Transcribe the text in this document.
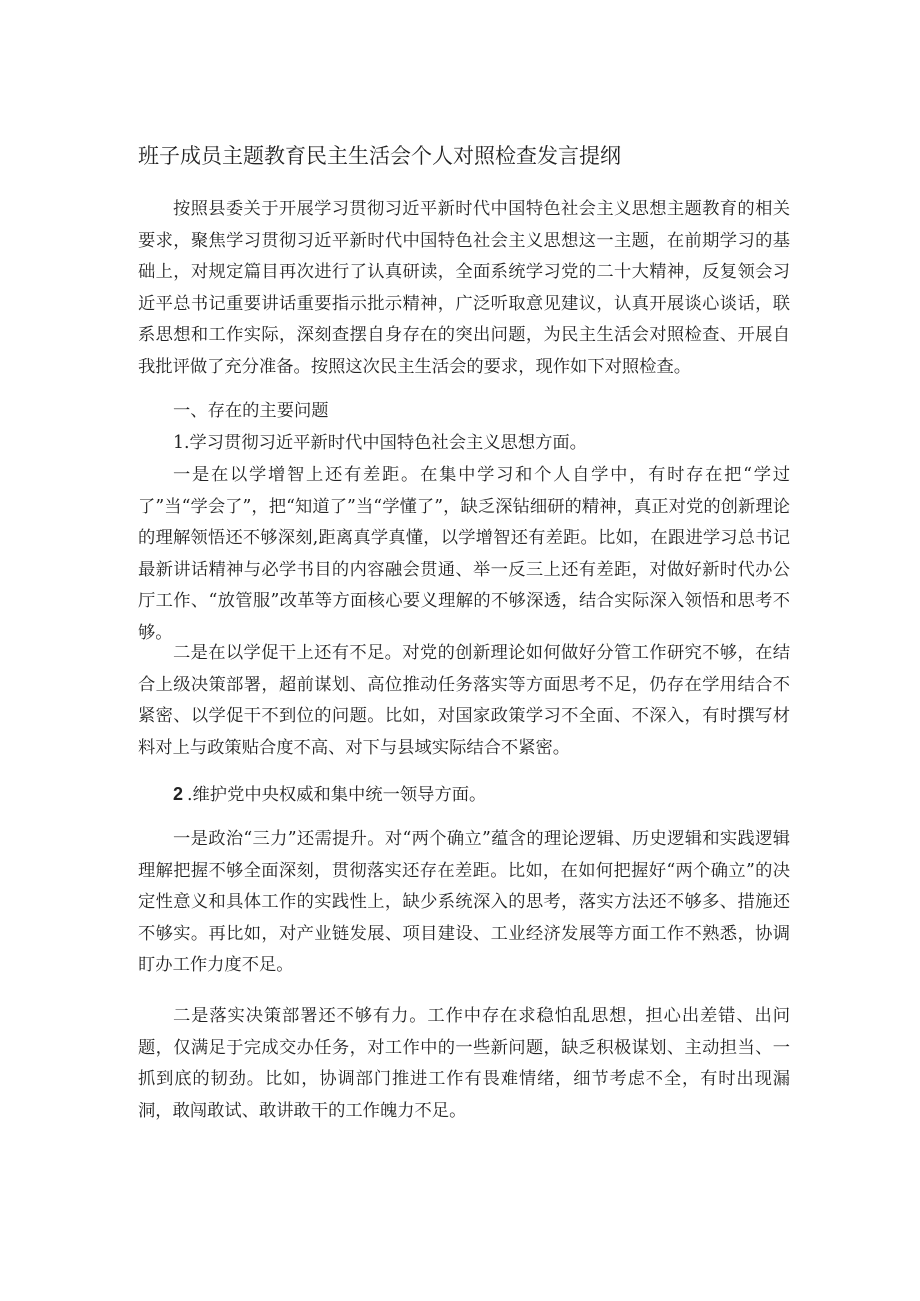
班子成员主题教育民主生活会个人对照检查发言提纲

按照县委关于开展学习贯彻习近平新时代中国特色社会主义思想主题教育的相关要求，聚焦学习贯彻习近平新时代中国特色社会主义思想这一主题，在前期学习的基础上，对规定篇目再次进行了认真研读，全面系统学习党的二十大精神，反复领会习近平总书记重要讲话重要指示批示精神，广泛听取意见建议，认真开展谈心谈话，联系思想和工作实际，深刻查摆自身存在的突出问题，为民主生活会对照检查、开展自我批评做了充分准备。按照这次民主生活会的要求，现作如下对照检查。

一、存在的主要问题

1.学习贯彻习近平新时代中国特色社会主义思想方面。

一是在以学增智上还有差距。在集中学习和个人自学中，有时存在把“学过了”当“学会了”，把“知道了”当“学懂了”，缺乏深钻细研的精神，真正对党的创新理论的理解领悟还不够深刻,距离真学真懂，以学增智还有差距。比如，在跟进学习总书记最新讲话精神与必学书目的内容融会贯通、举一反三上还有差距，对做好新时代办公厅工作、“放管服”改革等方面核心要义理解的不够深透，结合实际深入领悟和思考不够。

二是在以学促干上还有不足。对党的创新理论如何做好分管工作研究不够，在结合上级决策部署，超前谋划、高位推动任务落实等方面思考不足，仍存在学用结合不紧密、以学促干不到位的问题。比如，对国家政策学习不全面、不深入，有时撰写材料对上与政策贴合度不高、对下与县域实际结合不紧密。

2 .维护党中央权威和集中统一领导方面。

一是政治“三力”还需提升。对“两个确立”蕴含的理论逻辑、历史逻辑和实践逻辑理解把握不够全面深刻，贯彻落实还存在差距。比如，在如何把握好“两个确立”的决定性意义和具体工作的实践性上，缺少系统深入的思考，落实方法还不够多、措施还不够实。再比如，对产业链发展、项目建设、工业经济发展等方面工作不熟悉，协调盯办工作力度不足。

二是落实决策部署还不够有力。工作中存在求稳怕乱思想，担心出差错、出问题，仅满足于完成交办任务，对工作中的一些新问题，缺乏积极谋划、主动担当、一抓到底的韧劲。比如，协调部门推进工作有畏难情绪，细节考虑不全，有时出现漏洞，敢闯敢试、敢讲敢干的工作魄力不足。
